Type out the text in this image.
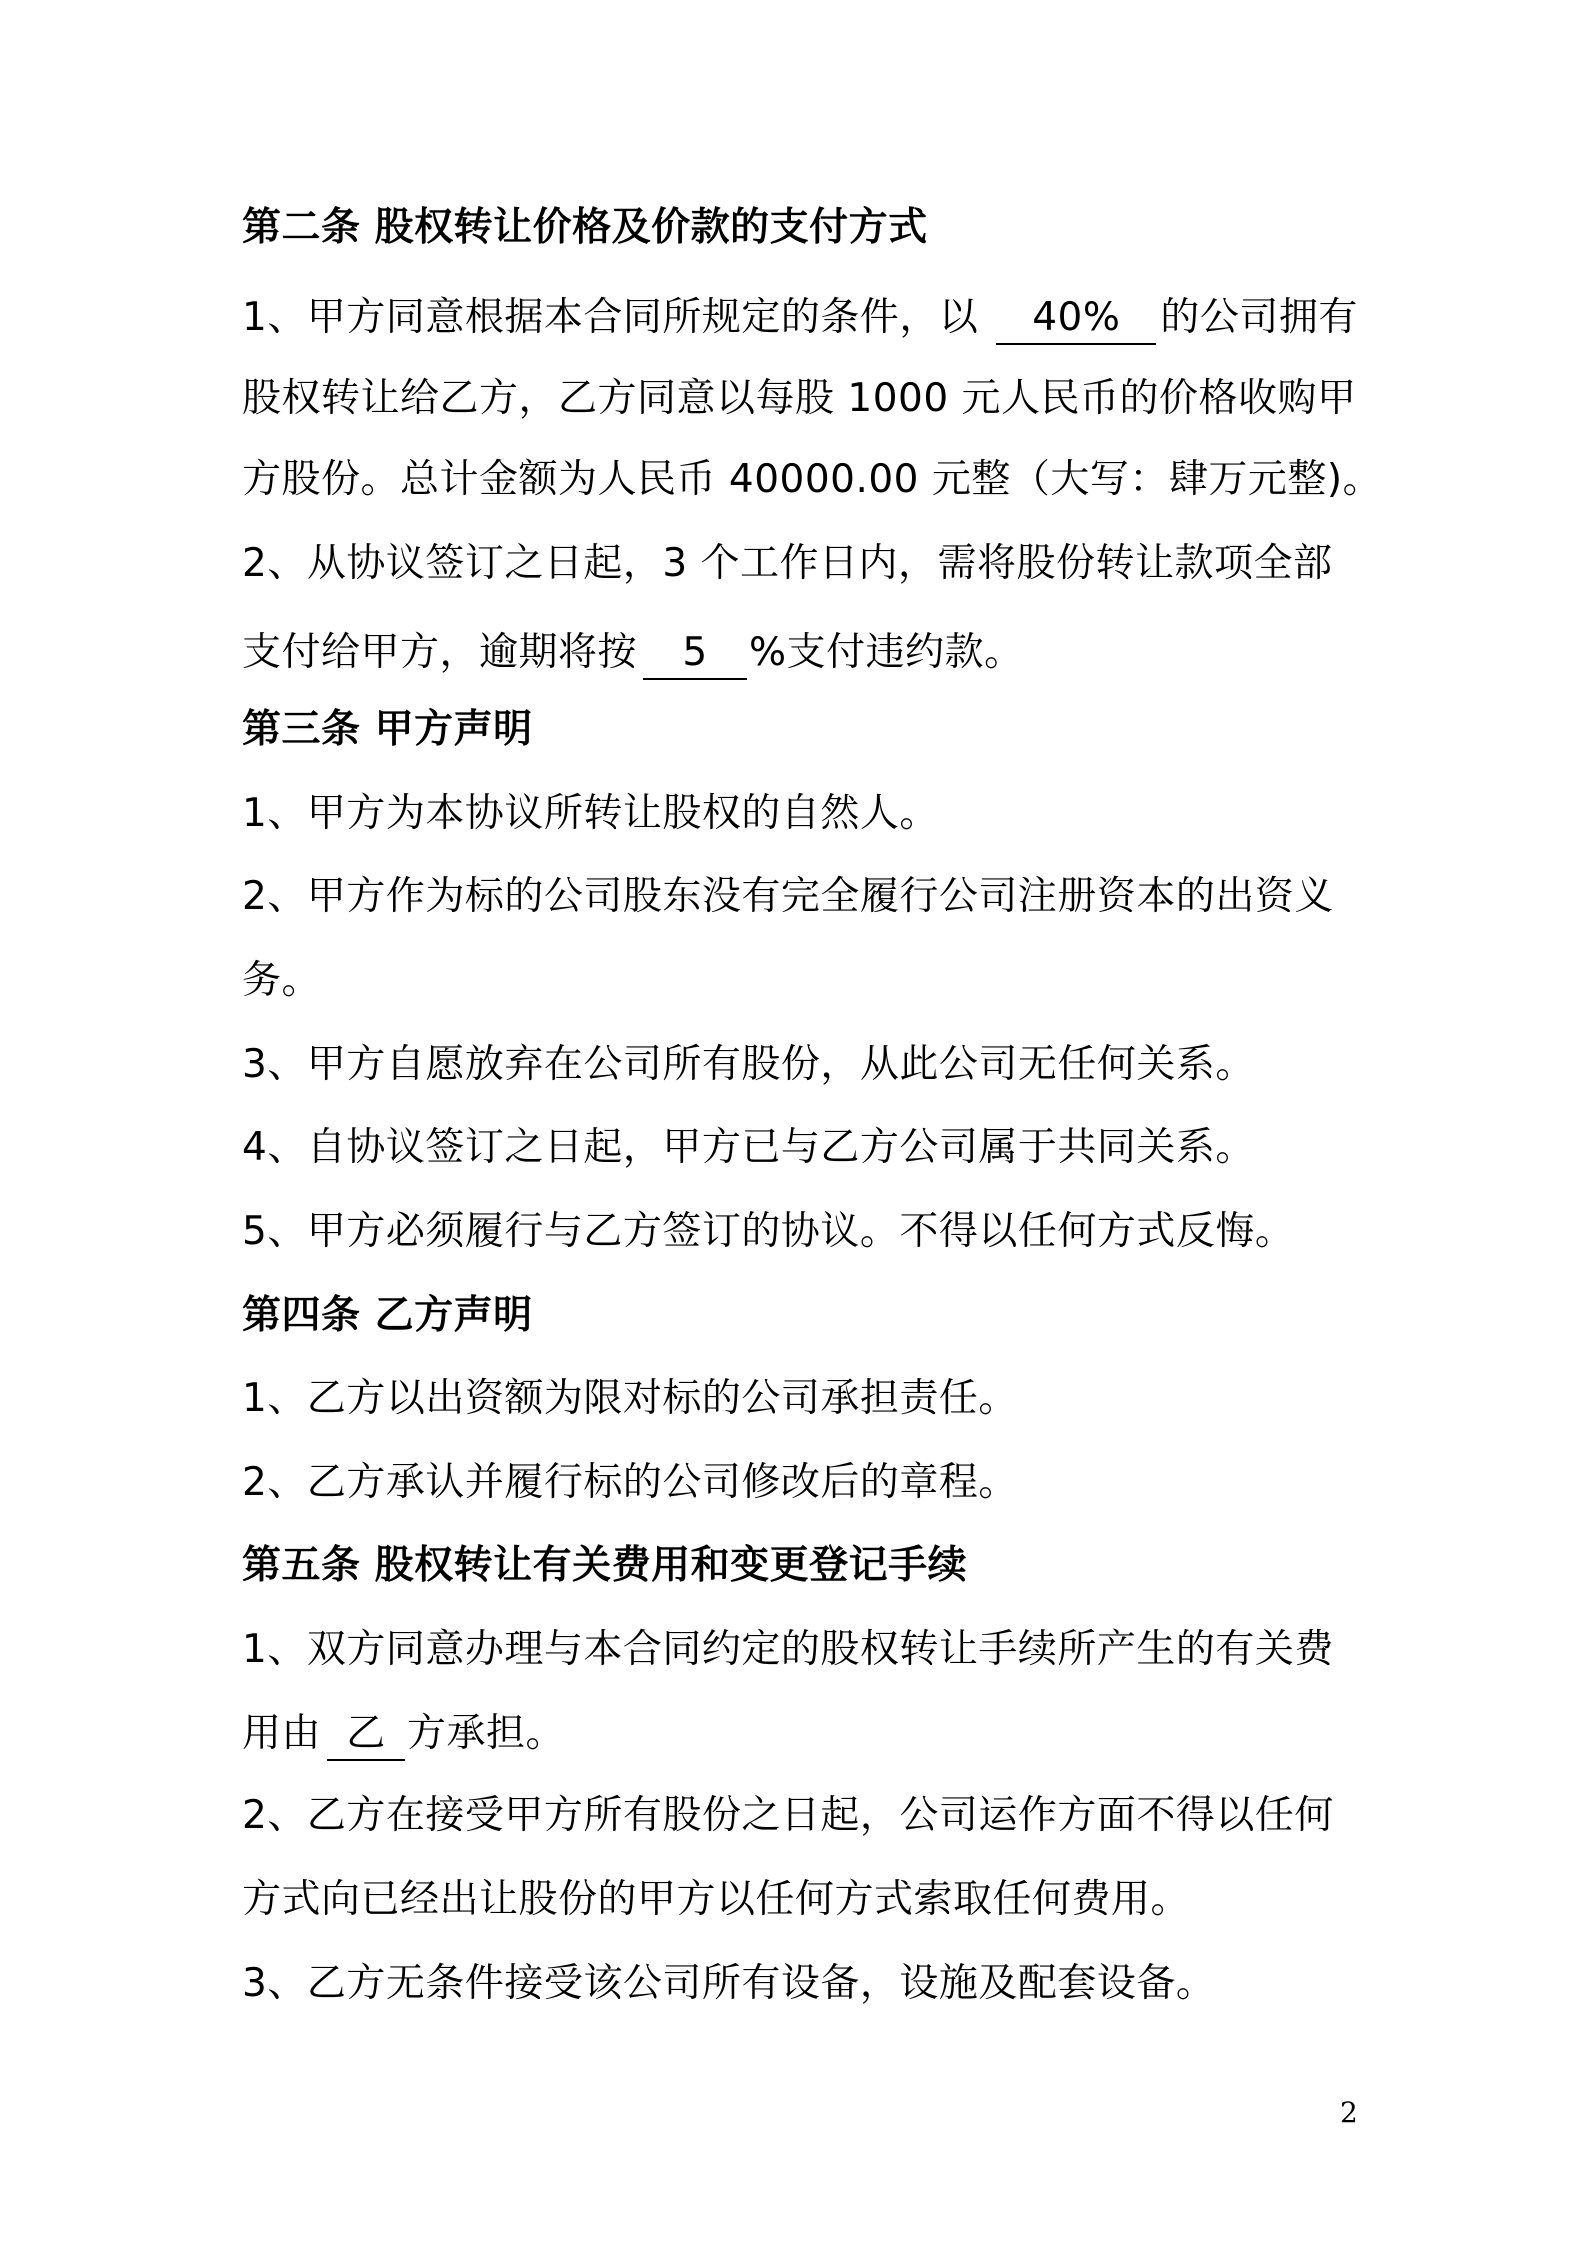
第二条 股权转让价格及价款的支付方式
1、甲方同意根据本合同所规定的条件，以 40% 的公司拥有
股权转让给乙方，乙方同意以每股 1000 元人民币的价格收购甲
方股份。总计金额为人民币 40000.00 元整（大写：肆万元整)。
2、从协议签订之日起，3 个工作日内，需将股份转让款项全部
支付给甲方，逾期将按 5 %支付违约款。
第三条 甲方声明
1、甲方为本协议所转让股权的自然人。
2、甲方作为标的公司股东没有完全履行公司注册资本的出资义
务。
3、甲方自愿放弃在公司所有股份，从此公司无任何关系。
4、自协议签订之日起，甲方已与乙方公司属于共同关系。
5、甲方必须履行与乙方签订的协议。不得以任何方式反悔。
第四条 乙方声明
1、乙方以出资额为限对标的公司承担责任。
2、乙方承认并履行标的公司修改后的章程。
第五条 股权转让有关费用和变更登记手续
1、双方同意办理与本合同约定的股权转让手续所产生的有关费
用由 乙 方承担。
2、乙方在接受甲方所有股份之日起，公司运作方面不得以任何
方式向已经出让股份的甲方以任何方式索取任何费用。
3、乙方无条件接受该公司所有设备，设施及配套设备。
2
